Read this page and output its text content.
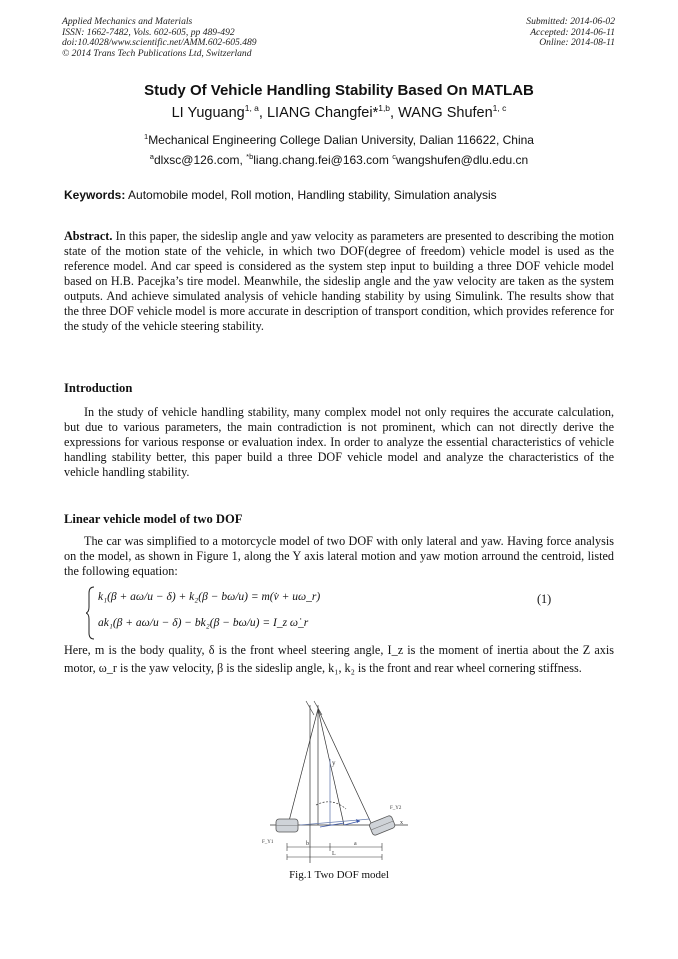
Applied Mechanics and Materials
ISSN: 1662-7482, Vols. 602-605, pp 489-492
doi:10.4028/www.scientific.net/AMM.602-605.489
© 2014 Trans Tech Publications Ltd, Switzerland
Submitted: 2014-06-02
Accepted: 2014-06-11
Online: 2014-08-11
Study Of Vehicle Handling Stability Based On MATLAB
LI Yuguang$^{1, a}$, LIANG Changfei*$^{1,b}$, WANG Shufen$^{1, c}$
$^1$Mechanical Engineering College Dalian University, Dalian 116622, China
$^a$dlxsc@126.com, $^{*b}$liang.chang.fei@163.com $^c$wangshufen@dlu.edu.cn
Keywords: Automobile model, Roll motion, Handling stability, Simulation analysis
Abstract. In this paper, the sideslip angle and yaw velocity as parameters are presented to describing the motion state of the motion state of the vehicle, in which two DOF(degree of freedom) vehicle model is used as the reference model. And car speed is considered as the system step input to building a three DOF vehicle model based on H.B. Pacejka’s tire model. Meanwhile, the sideslip angle and the yaw velocity are taken as the system outputs. And achieve simulated analysis of vehicle handing stability by using Simulink. The results show that the three DOF vehicle model is more accurate in description of transport condition, which provides reference for the study of the vehicle steering stability.
Introduction
In the study of vehicle handling stability, many complex model not only requires the accurate calculation, but due to various parameters, the main contradiction is not prominent, which can not directly derive the expressions for various response or evaluation index. In order to analyze the essential characteristics of vehicle handling stability better, this paper build a three DOF vehicle model and analyze the characteristics of the vehicle handling stability.
Linear vehicle model of two DOF
The car was simplified to a motorcycle model of two DOF with only lateral and yaw. Having force analysis on the model, as shown in Figure 1, along the Y axis lateral motion and yaw motion arround the centroid, listed the following equation:
k₁(β + aω/u − δ) + k₂(β − bω/u) = m(v̇ + uω_r)
ak₁(β + aω/u − δ) − bk₂(β − bω/u) = I_z ω̇_r
(1)
Here, m is the body quality, δ is the front wheel steering angle, I_z is the moment of inertia about the Z axis motor, ω_r is the yaw velocity, β is the sideslip angle, k₁, k₂ is the front and rear wheel cornering stiffness.
y
x
F_Y1
F_Y2
b	a
L
Fig.1 Two DOF model
